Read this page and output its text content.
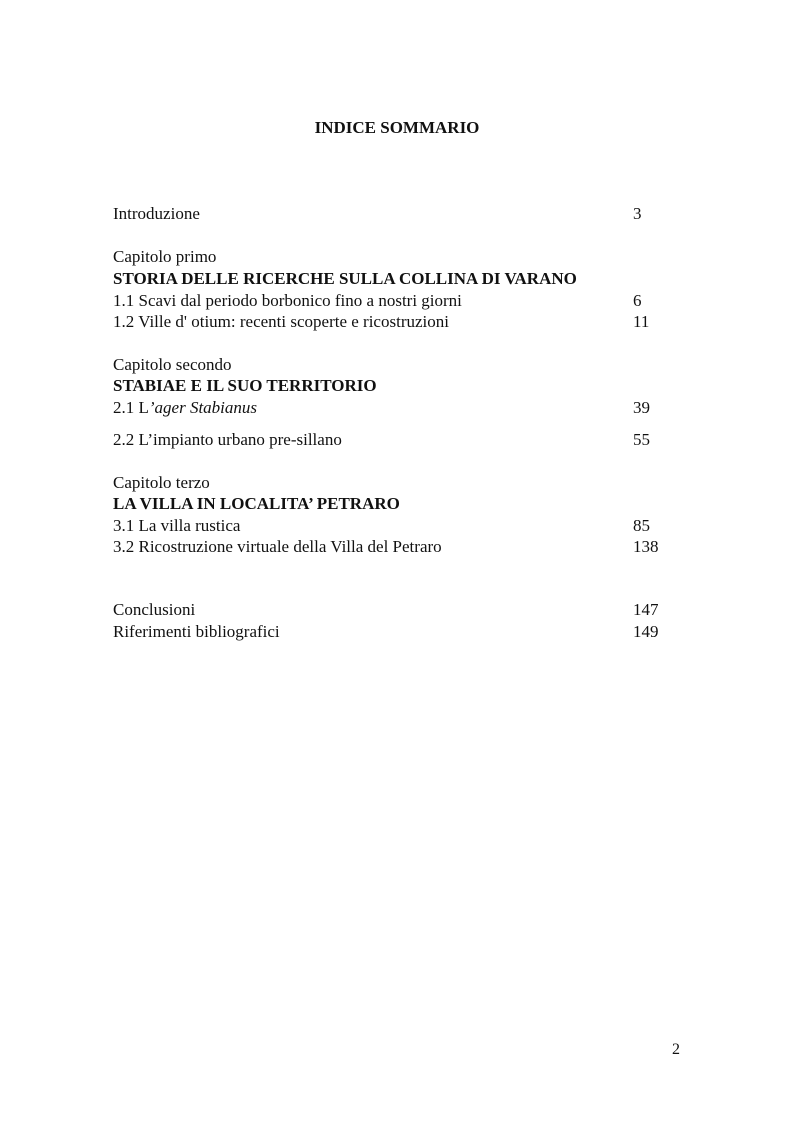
INDICE SOMMARIO
Introduzione	3
Capitolo primo
STORIA DELLE RICERCHE SULLA COLLINA DI VARANO
1.1 Scavi dal periodo borbonico fino a nostri giorni	6
1.2 Ville d' otium: recenti scoperte e ricostruzioni	11
Capitolo secondo
STABIAE E IL SUO TERRITORIO
2.1 L’ager Stabianus	39
2.2 L’impianto urbano pre-sillano	55
Capitolo terzo
LA VILLA IN LOCALITA’ PETRARO
3.1 La villa rustica	85
3.2 Ricostruzione virtuale della Villa del Petraro	138
Conclusioni	147
Riferimenti bibliografici	149
2
